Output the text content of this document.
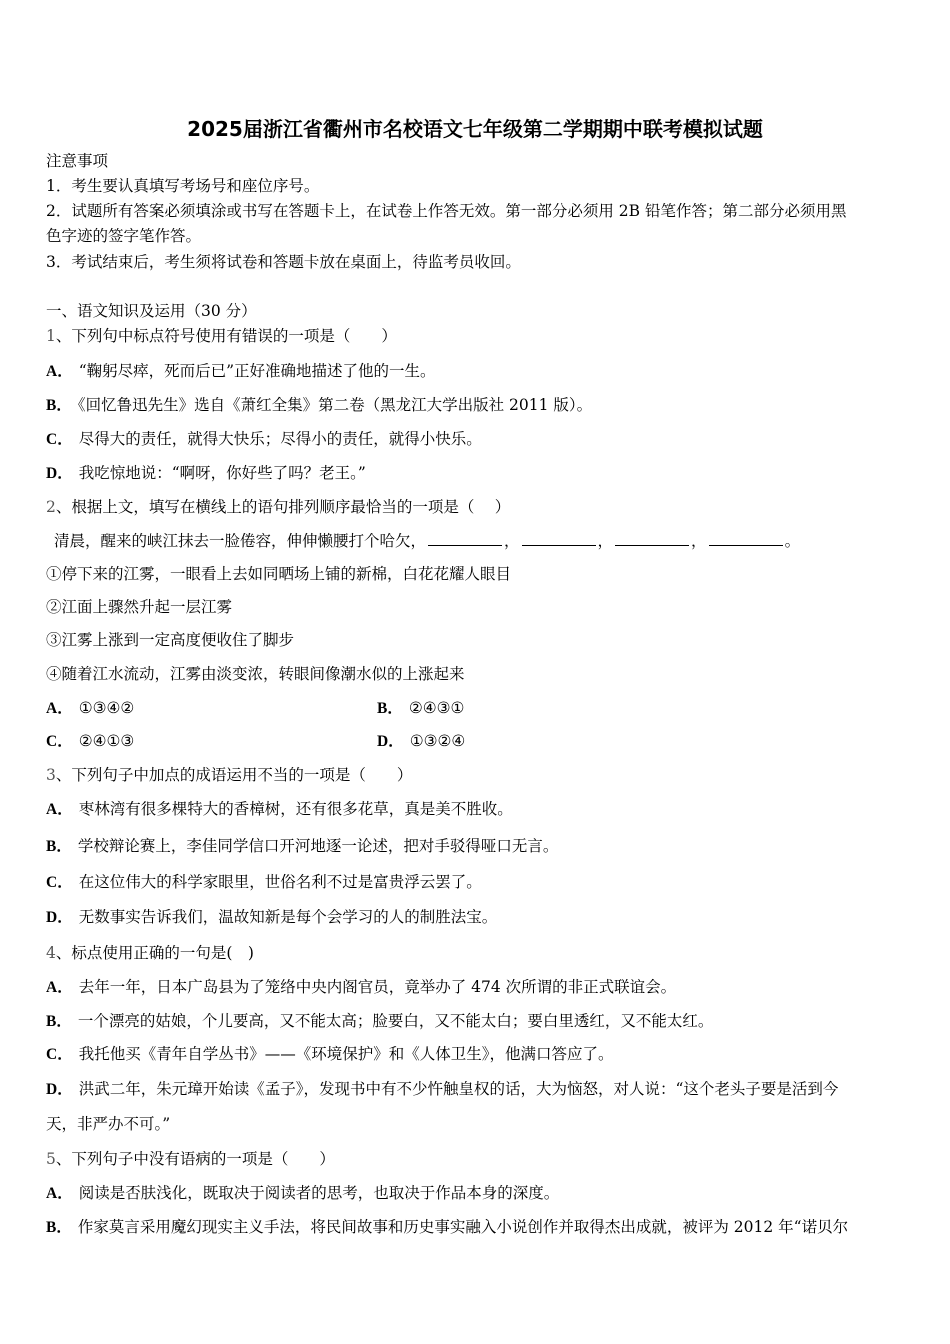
2025届浙江省衢州市名校语文七年级第二学期期中联考模拟试题
注意事项
1．考生要认真填写考场号和座位序号。
2．试题所有答案必须填涂或书写在答题卡上，在试卷上作答无效。第一部分必须用 2B 铅笔作答；第二部分必须用黑
色字迹的签字笔作答。
3．考试结束后，考生须将试卷和答题卡放在桌面上，待监考员收回。
一、语文知识及运用（30 分）
1、下列句中标点符号使用有错误的一项是（　　）
A． “鞠躬尽瘁，死而后已”正好准确地描述了他的一生。
B． 《回忆鲁迅先生》选自《萧红全集》第二卷（黑龙江大学出版社 2011 版）。
C． 尽得大的责任，就得大快乐；尽得小的责任，就得小快乐。
D． 我吃惊地说：“啊呀，你好些了吗？老王。”
2、根据上文，填写在横线上的语句排列顺序最恰当的一项是（　 ）
清晨，醒来的峡江抹去一脸倦容，伸伸懒腰打个哈欠，	，	，	，	。
①停下来的江雾，一眼看上去如同晒场上铺的新棉，白花花耀人眼目
②江面上骤然升起一层江雾
③江雾上涨到一定高度便收住了脚步
④随着江水流动，江雾由淡变浓，转眼间像潮水似的上涨起来
A． ①③④②	B． ②④③①
C． ②④①③	D． ①③②④
3、下列句子中加点的成语运用不当的一项是（　　）
A． 枣林湾有很多棵特大的香樟树，还有很多花草，真是美不胜收。
B． 学校辩论赛上，李佳同学信口开河地逐一论述，把对手驳得哑口无言。
C． 在这位伟大的科学家眼里，世俗名利不过是富贵浮云罢了。
D． 无数事实告诉我们，温故知新是每个会学习的人的制胜法宝。
4、标点使用正确的一句是(　)
A． 去年一年，日本广岛县为了笼络中央内阁官员，竟举办了 474 次所谓的非正式联谊会。
B． 一个漂亮的姑娘，个儿要高，又不能太高；脸要白，又不能太白；要白里透红，又不能太红。
C． 我托他买《青年自学丛书》——《环境保护》和《人体卫生》，他满口答应了。
D． 洪武二年，朱元璋开始读《孟子》，发现书中有不少忤触皇权的话，大为恼怒，对人说：“这个老头子要是活到今
天，非严办不可。”
5、下列句子中没有语病的一项是（　　）
A． 阅读是否肤浅化，既取决于阅读者的思考，也取决于作品本身的深度。
B． 作家莫言采用魔幻现实主义手法，将民间故事和历史事实融入小说创作并取得杰出成就，被评为 2012 年“诺贝尔
